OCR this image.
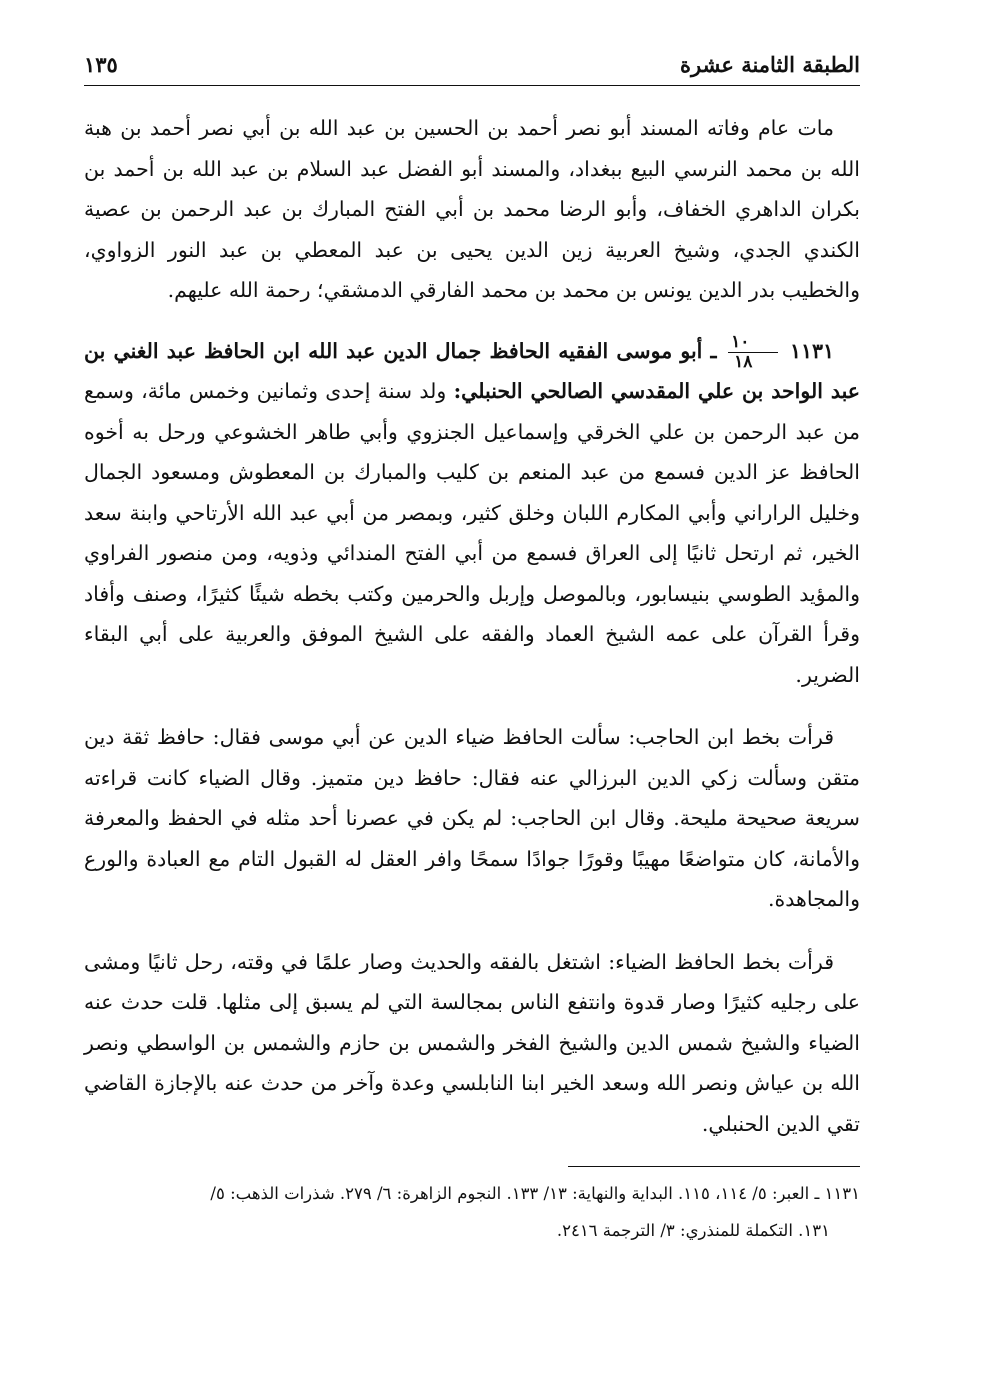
الطبقة الثامنة عشرة
١٣٥

مات عام وفاته المسند أبو نصر أحمد بن الحسين بن عبد الله بن أبي نصر أحمد بن هبة الله بن محمد النرسي البيع ببغداد، والمسند أبو الفضل عبد السلام بن عبد الله بن أحمد بن بكران الداهري الخفاف، وأبو الرضا محمد بن أبي الفتح المبارك بن عبد الرحمن بن عصية الكندي الجدي، وشيخ العربية زين الدين يحيى بن عبد المعطي بن عبد النور الزواوي، والخطيب بدر الدين يونس بن محمد بن محمد الفارقي الدمشقي؛ رحمة الله عليهم.

١١٣١
$\frac{١٠}{١٨}$
ـ أبو موسى الفقيه الحافظ جمال الدين عبد الله ابن الحافظ عبد الغني بن عبد الواحد بن علي المقدسي الصالحي الحنبلي: ولد سنة إحدى وثمانين وخمس مائة، وسمع من عبد الرحمن بن علي الخرقي وإسماعيل الجنزوي وأبي طاهر الخشوعي ورحل به أخوه الحافظ عز الدين فسمع من عبد المنعم بن كليب والمبارك بن المعطوش ومسعود الجمال وخليل الراراني وأبي المكارم اللبان وخلق كثير، وبمصر من أبي عبد الله الأرتاحي وابنة سعد الخير، ثم ارتحل ثانيًا إلى العراق فسمع من أبي الفتح المندائي وذويه، ومن منصور الفراوي والمؤيد الطوسي بنيسابور، وبالموصل وإربل والحرمين وكتب بخطه شيئًا كثيرًا، وصنف وأفاد وقرأ القرآن على عمه الشيخ العماد والفقه على الشيخ الموفق والعربية على أبي البقاء الضرير.

قرأت بخط ابن الحاجب: سألت الحافظ ضياء الدين عن أبي موسى فقال: حافظ ثقة دين متقن وسألت زكي الدين البرزالي عنه فقال: حافظ دين متميز. وقال الضياء كانت قراءته سريعة صحيحة مليحة. وقال ابن الحاجب: لم يكن في عصرنا أحد مثله في الحفظ والمعرفة والأمانة، كان متواضعًا مهيبًا وقورًا جوادًا سمحًا وافر العقل له القبول التام مع العبادة والورع والمجاهدة.

قرأت بخط الحافظ الضياء: اشتغل بالفقه والحديث وصار علمًا في وقته، رحل ثانيًا ومشى على رجليه كثيرًا وصار قدوة وانتفع الناس بمجالسة التي لم يسبق إلى مثلها. قلت حدث عنه الضياء والشيخ شمس الدين والشيخ الفخر والشمس بن حازم والشمس بن الواسطي ونصر الله بن عياش ونصر الله وسعد الخير ابنا النابلسي وعدة وآخر من حدث عنه بالإجازة القاضي تقي الدين الحنبلي.

١١٣١ ـ العبر: ٥/ ١١٤، ١١٥. البداية والنهاية: ١٣/ ١٣٣. النجوم الزاهرة: ٦/ ٢٧٩. شذرات الذهب: ٥/

١٣١. التكملة للمنذري: ٣/ الترجمة ٢٤١٦.
